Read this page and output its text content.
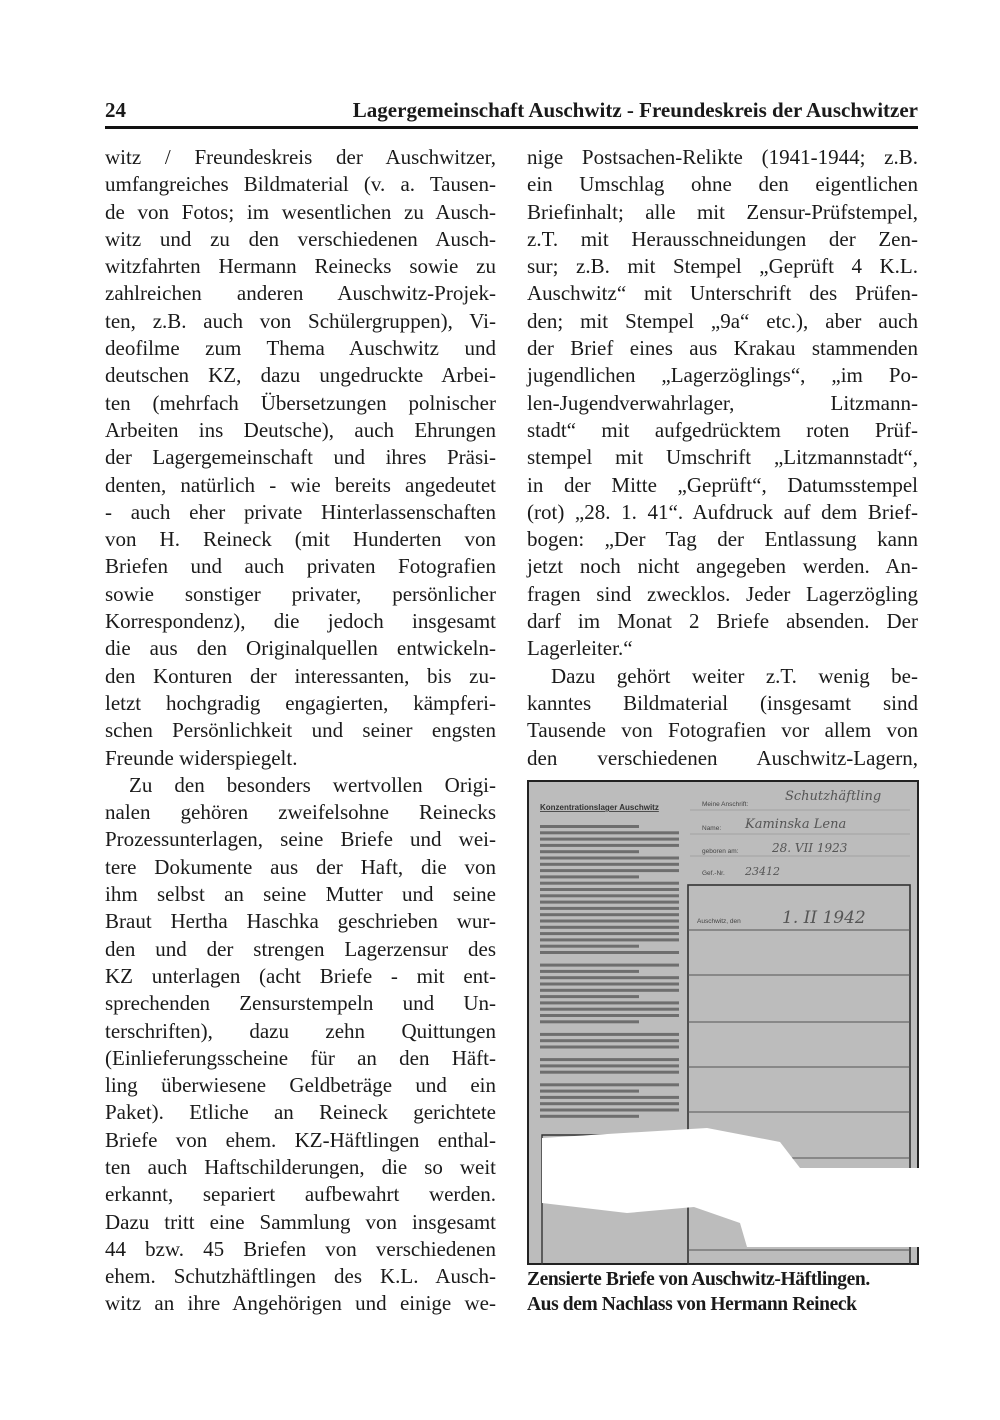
24	Lagergemeinschaft Auschwitz - Freundeskreis der Auschwitzer
witz / Freundeskreis der Auschwitzer,
umfangreiches Bildmaterial (v. a. Tausen-
de von Fotos; im wesentlichen zu Ausch-
witz und zu den verschiedenen Ausch-
witzfahrten Hermann Reinecks sowie zu
zahlreichen anderen Auschwitz-Projek-
ten, z.B. auch von Schülergruppen), Vi-
deofilme zum Thema Auschwitz und
deutschen KZ, dazu ungedruckte Arbei-
ten (mehrfach Übersetzungen polnischer
Arbeiten ins Deutsche), auch Ehrungen
der Lagergemeinschaft und ihres Präsi-
denten, natürlich - wie bereits angedeutet
- auch eher private Hinterlassenschaften
von H. Reineck (mit Hunderten von
Briefen und auch privaten Fotografien
sowie sonstiger privater, persönlicher
Korrespondenz), die jedoch insgesamt
die aus den Originalquellen entwickeln-
den Konturen der interessanten, bis zu-
letzt hochgradig engagierten, kämpferi-
schen Persönlichkeit und seiner engsten
Freunde widerspiegelt.
Zu den besonders wertvollen Origi-
nalen gehören zweifelsohne Reinecks
Prozessunterlagen, seine Briefe und wei-
tere Dokumente aus der Haft, die von
ihm selbst an seine Mutter und seine
Braut Hertha Haschka geschrieben wur-
den und der strengen Lagerzensur des
KZ unterlagen (acht Briefe - mit ent-
sprechenden Zensurstempeln und Un-
terschriften), dazu zehn Quittungen
(Einlieferungsscheine für an den Häft-
ling überwiesene Geldbeträge und ein
Paket). Etliche an Reineck gerichtete
Briefe von ehem. KZ-Häftlingen enthal-
ten auch Haftschilderungen, die so weit
erkannt, separiert aufbewahrt werden.
Dazu tritt eine Sammlung von insgesamt
44 bzw. 45 Briefen von verschiedenen
ehem. Schutzhäftlingen des K.L. Ausch-
witz an ihre Angehörigen und einige we-
nige Postsachen-Relikte (1941-1944; z.B.
ein Umschlag ohne den eigentlichen
Briefinhalt; alle mit Zensur-Prüfstempel,
z.T. mit Herausschneidungen der Zen-
sur; z.B. mit Stempel „Geprüft 4 K.L.
Auschwitz“ mit Unterschrift des Prüfen-
den; mit Stempel „9a“ etc.), aber auch
der Brief eines aus Krakau stammenden
jugendlichen „Lagerzöglings“, „im Po-
len-Jugendverwahrlager, Litzmann-
stadt“ mit aufgedrücktem roten Prüf-
stempel mit Umschrift „Litzmannstadt“,
in der Mitte „Geprüft“, Datumsstempel
(rot) „28. 1. 41“. Aufdruck auf dem Brief-
bogen: „Der Tag der Entlassung kann
jetzt noch nicht angegeben werden. An-
fragen sind zwecklos. Jeder Lagerzögling
darf im Monat 2 Briefe absenden. Der
Lagerleiter.“
Dazu gehört weiter z.T. wenig be-
kanntes Bildmaterial (insgesamt sind
Tausende von Fotografien vor allem von
den verschiedenen Auschwitz-Lagern,
Konzentrationslager Auschwitz	Meine Anschrift:
Name:
geboren am:
Gef.-Nr.
Auschwitz, den
Schutzhäftling
Kaminska Lena
28. VII 1923
23412
1. II 1942
Zensierte Briefe von Auschwitz-Häftlingen.
Aus dem Nachlass von Hermann Reineck
